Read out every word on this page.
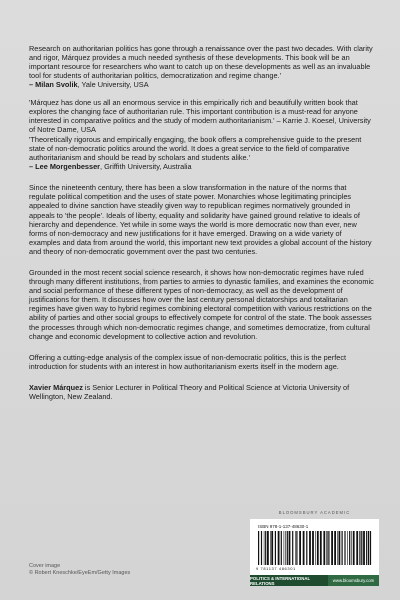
Research on authoritarian politics has gone through a renaissance over the past two decades. With clarity and rigor, Márquez provides a much needed synthesis of these developments. This book will be an important resource for researchers who want to catch up on these developments as well as an invaluable tool for students of authoritarian politics, democratization and regime change.'

– Milan Svolik, Yale University, USA

'Márquez has done us all an enormous service in this empirically rich and beautifully written book that explores the changing face of authoritarian rule. This important contribution is a must-read for anyone interested in comparative politics and the study of modern authoritarianism.' – Karrie J. Koesel, University of Notre Dame, USA

'Theoretically rigorous and empirically engaging, the book offers a comprehensive guide to the present state of non-democratic politics around the world. It does a great service to the field of comparative authoritarianism and should be read by scholars and students alike.'

– Lee Morgenbesser, Griffith University, Australia

Since the nineteenth century, there has been a slow transformation in the nature of the norms that regulate political competition and the uses of state power. Monarchies whose legitimating principles appealed to divine sanction have steadily given way to republican regimes normatively grounded in appeals to 'the people'. Ideals of liberty, equality and solidarity have gained ground relative to ideals of hierarchy and dependence. Yet while in some ways the world is more democratic now than ever, new forms of non-democracy and new justifications for it have emerged. Drawing on a wide variety of examples and data from around the world, this important new text provides a global account of the history and theory of non-democratic government over the past two centuries.

Grounded in the most recent social science research, it shows how non-democratic regimes have ruled through many different institutions, from parties to armies to dynastic families, and examines the economic and social performance of these different types of non-democracy, as well as the development of justifications for them. It discusses how over the last century personal dictatorships and totalitarian regimes have given way to hybrid regimes combining electoral competition with various restrictions on the ability of parties and other social groups to effectively compete for control of the state. The book assesses the processes through which non-democratic regimes change, and sometimes democratize, from cultural change and economic development to collective action and revolution.

Offering a cutting-edge analysis of the complex issue of non-democratic politics, this is the perfect introduction for students with an interest in how authoritarianism exerts itself in the modern age.

Xavier Márquez is Senior Lecturer in Political Theory and Political Science at Victoria University of Wellington, New Zealand.

Cover image
© Robert Kneschke/EyeEm/Getty Images
BLOOMSBURY ACADEMIC
ISBN 978-1-137-48630-1
9 781137 486301
POLITICS & INTERNATIONAL RELATIONS	www.bloomsbury.com
